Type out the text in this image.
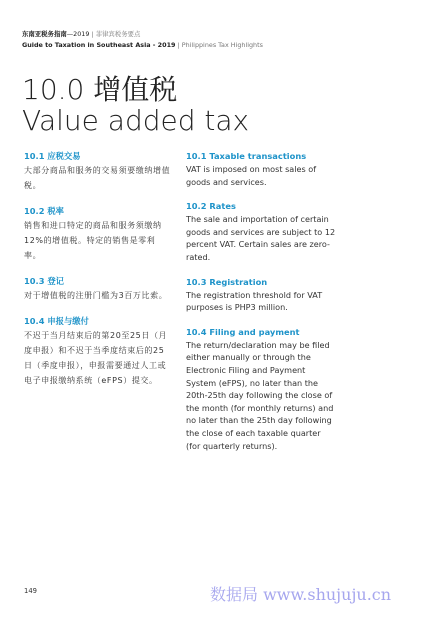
东南亚税务指南—2019 | 菲律宾税务要点
Guide to Taxation in Southeast Asia - 2019 | Philippines Tax Highlights
10.0 增值税
Value added tax
10.1 应税交易
大部分商品和服务的交易须要缴纳增值税。
10.2 税率
销售和进口特定的商品和服务须缴纳12%的增值税。特定的销售是零利率。
10.3 登记
对于增值税的注册门槛为3百万比索。
10.4 申报与缴付
不迟于当月结束后的第20至25日（月度申报）和不迟于当季度结束后的25日（季度申报），申报需要通过人工或电子申报缴纳系统（eFPS）提交。
10.1 Taxable transactions
VAT is imposed on most sales of goods and services.
10.2 Rates
The sale and importation of certain goods and services are subject to 12 percent VAT. Certain sales are zero-rated.
10.3 Registration
The registration threshold for VAT purposes is PHP3 million.
10.4 Filing and payment
The return/declaration may be filed either manually or through the Electronic Filing and Payment System (eFPS), no later than the 20th-25th day following the close of the month (for monthly returns) and no later than the 25th day following the close of each taxable quarter (for quarterly returns).
149	数据局 www.shujuju.cn
